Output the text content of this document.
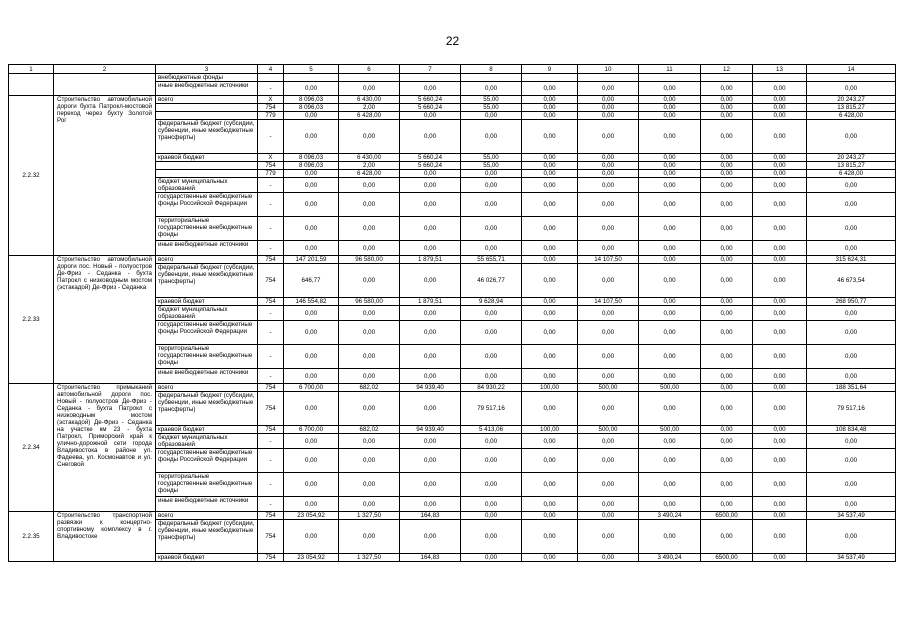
22
1	2	3	4	5	6	7	8	9	10	11	12	13	14
		внебюджетные фонды											
		иные внебюджетные источники	-	0,00	0,00	0,00	0,00	0,00	0,00	0,00	0,00	0,00	0,00
2.2.32	Строительство автомобильной дороги бухта Патрокл-мостовой переход через бухту Золотой Рог	всего	X	8 096,03	6 430,00	5 660,24	55,00	0,00	0,00	0,00	0,00	0,00	20 243,27
			754	8 096,03	2,00	5 660,24	55,00	0,00	0,00	0,00	0,00	0,00	13 815,27
			779	0,00	6 428,00	0,00	0,00	0,00	0,00	0,00	0,00	0,00	6 428,00
		федеральный бюджет (субсидии, субвенции, иные межбюджетные трансферты)	-	0,00	0,00	0,00	0,00	0,00	0,00	0,00	0,00	0,00	0,00
		краевой бюджет	X	8 096,03	6 430,00	5 660,24	55,00	0,00	0,00	0,00	0,00	0,00	20 243,27
			754	8 096,03	2,00	5 660,24	55,00	0,00	0,00	0,00	0,00	0,00	13 815,27
			779	0,00	6 428,00	0,00	0,00	0,00	0,00	0,00	0,00	0,00	6 428,00
		бюджет муниципальных образований	-	0,00	0,00	0,00	0,00	0,00	0,00	0,00	0,00	0,00	0,00
		государственные внебюджетные фонды Российской Федерации	-	0,00	0,00	0,00	0,00	0,00	0,00	0,00	0,00	0,00	0,00
		территориальные государственные внебюджетные фонды	-	0,00	0,00	0,00	0,00	0,00	0,00	0,00	0,00	0,00	0,00
		иные внебюджетные источники	-	0,00	0,00	0,00	0,00	0,00	0,00	0,00	0,00	0,00	0,00
2.2.33	Строительство автомобильной дороги пос. Новый - полуостров Де-Фриз - Седанка - бухта Патрокл с низководным мостом (эстакадой) Де-Фриз - Седанка	всего	754	147 201,59	96 580,00	1 879,51	55 655,71	0,00	14 107,50	0,00	0,00	0,00	315 624,31
		федеральный бюджет (субсидии, субвенции, иные межбюджетные трансферты)	754	646,77	0,00	0,00	46 026,77	0,00	0,00	0,00	0,00	0,00	46 673,54
		краевой бюджет	754	146 554,82	96 580,00	1 879,51	9 628,94	0,00	14 107,50	0,00	0,00	0,00	268 950,77
		бюджет муниципальных образований	-	0,00	0,00	0,00	0,00	0,00	0,00	0,00	0,00	0,00	0,00
		государственные внебюджетные фонды Российской Федерации	-	0,00	0,00	0,00	0,00	0,00	0,00	0,00	0,00	0,00	0,00
		территориальные государственные внебюджетные фонды	-	0,00	0,00	0,00	0,00	0,00	0,00	0,00	0,00	0,00	0,00
		иные внебюджетные источники	-	0,00	0,00	0,00	0,00	0,00	0,00	0,00	0,00	0,00	0,00
2.2.34	Строительство примыканий автомобильной дороги пос. Новый - полуостров Де-Фриз - Седанка - бухта Патрокл с низководным мостом (эстакадой) Де-Фриз - Седанка на участке км 23 - бухта Патрокл, Приморский край к улично-дорожной сети города Владивостока в районе ул. Фадеева, ул. Космонавтов и ул. Снеговой	всего	754	6 700,00	682,02	94 939,40	84 930,22	100,00	500,00	500,00	0,00	0,00	188 351,64
		федеральный бюджет (субсидии, субвенции, иные межбюджетные трансферты)	754	0,00	0,00	0,00	79 517,16	0,00	0,00	0,00	0,00	0,00	79 517,16
		краевой бюджет	754	6 700,00	682,02	94 939,40	5 413,06	100,00	500,00	500,00	0,00	0,00	108 834,48
		бюджет муниципальных образований	-	0,00	0,00	0,00	0,00	0,00	0,00	0,00	0,00	0,00	0,00
		государственные внебюджетные фонды Российской Федерации	-	0,00	0,00	0,00	0,00	0,00	0,00	0,00	0,00	0,00	0,00
		территориальные государственные внебюджетные фонды	-	0,00	0,00	0,00	0,00	0,00	0,00	0,00	0,00	0,00	0,00
		иные внебюджетные источники	-	0,00	0,00	0,00	0,00	0,00	0,00	0,00	0,00	0,00	0,00
2.2.35	Строительство транспортной развязки к концертно- спортивному комплексу в г. Владивостоке	всего	754	23 054,92	1 327,50	164,83	0,00	0,00	0,00	3 490,24	6500,00	0,00	34 537,49
		федеральный бюджет (субсидии, субвенции, иные межбюджетные трансферты)	754	0,00	0,00	0,00	0,00	0,00	0,00	0,00	0,00	0,00	0,00
		краевой бюджет	754	23 054,92	1 327,50	164,83	0,00	0,00	0,00	3 490,24	6500,00	0,00	34 537,49
